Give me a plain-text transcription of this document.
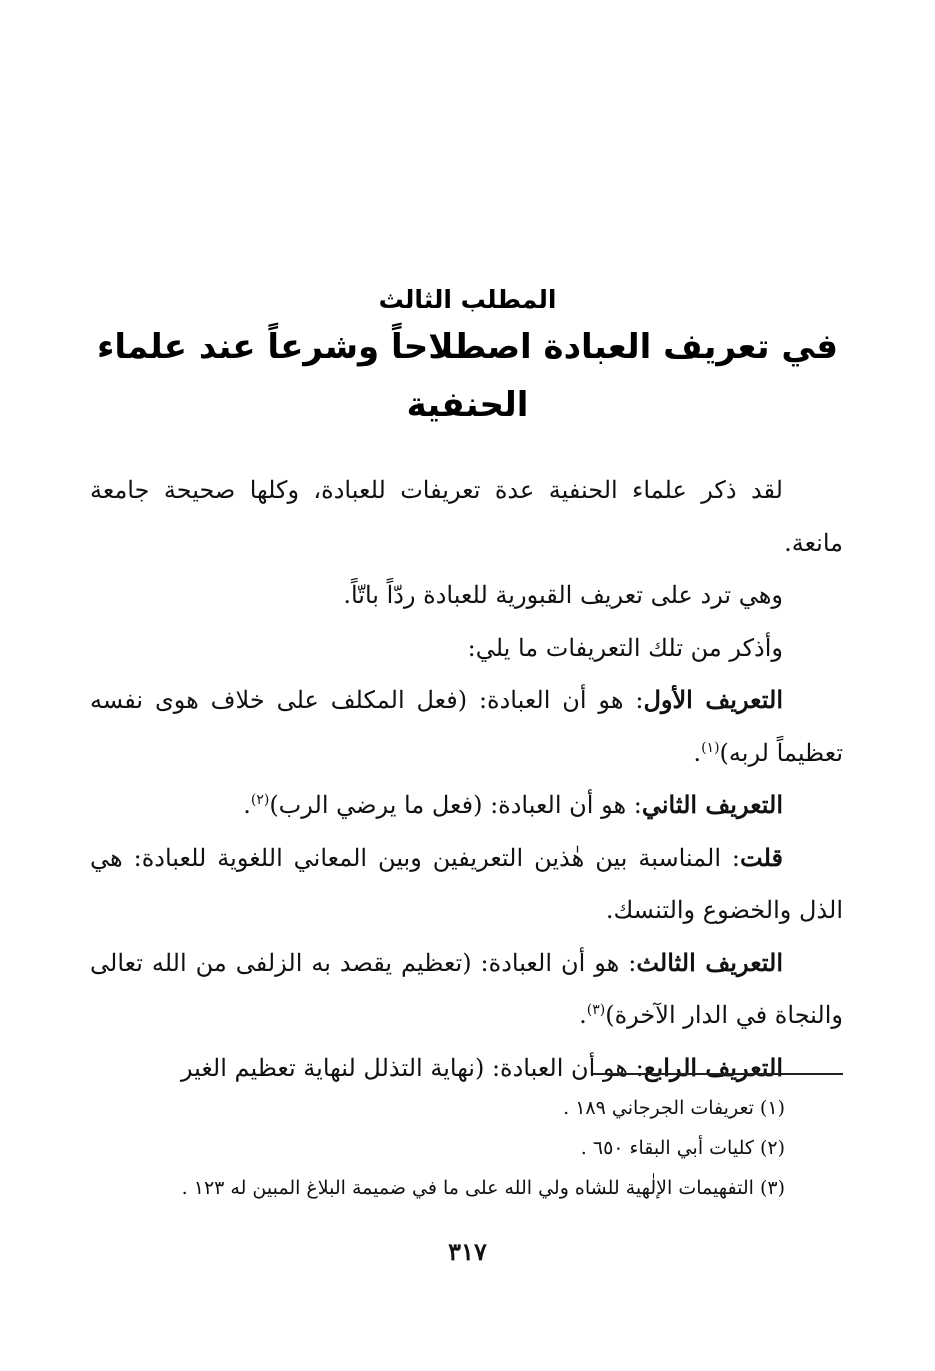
المطلب الثالث

في تعريف العبادة اصطلاحاً وشرعاً عند علماء الحنفية

لقد ذكر علماء الحنفية عدة تعريفات للعبادة، وكلها صحيحة جامعة مانعة.

وهي ترد على تعريف القبورية للعبادة ردّاً باتّاً.

وأذكر من تلك التعريفات ما يلي:

التعريف الأول: هو أن العبادة: (فعل المكلف على خلاف هوى نفسه تعظيماً لربه)$^{(١)}$.

التعريف الثاني: هو أن العبادة: (فعل ما يرضي الرب)$^{(٢)}$.

قلت: المناسبة بين هٰذين التعريفين وبين المعاني اللغوية للعبادة: هي الذل والخضوع والتنسك.

التعريف الثالث: هو أن العبادة: (تعظيم يقصد به الزلفى من الله تعالى والنجاة في الدار الآخرة)$^{(٣)}$.

التعريف الرابع: هو أن العبادة: (نهاية التذلل لنهاية تعظيم الغير

(١) تعريفات الجرجاني ١٨٩ .

(٢) كليات أبي البقاء ٦٥٠ .

(٣) التفهيمات الإلٰهية للشاه ولي الله على ما في ضميمة البلاغ المبين له ١٢٣ .

٣١٧
